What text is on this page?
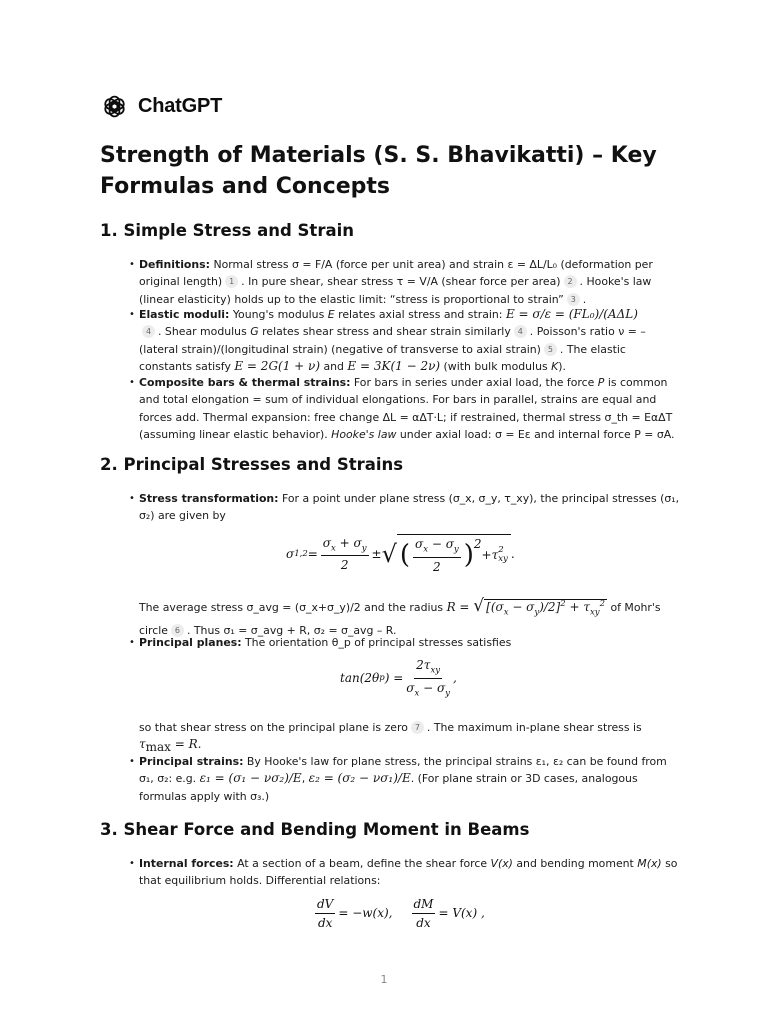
ChatGPT
Strength of Materials (S. S. Bhavikatti) – Key Formulas and Concepts
1. Simple Stress and Strain
• Definitions: Normal stress σ = F/A (force per unit area) and strain ε = ΔL/L₀ (deformation per
original length) 1 . In pure shear, shear stress τ = V/A (shear force per area) 2 . Hooke's law
(linear elasticity) holds up to the elastic limit: “stress is proportional to strain” 3 .
• Elastic moduli: Young's modulus E relates axial stress and strain: E = σ/ε = (FL₀)/(AΔL)
4 . Shear modulus G relates shear stress and shear strain similarly 4 . Poisson's ratio ν = –
(lateral strain)/(longitudinal strain) (negative of transverse to axial strain) 5 . The elastic
constants satisfy E = 2G(1 + ν) and E = 3K(1 − 2ν) (with bulk modulus K).
• Composite bars & thermal strains: For bars in series under axial load, the force P is common
and total elongation = sum of individual elongations. For bars in parallel, strains are equal and
forces add. Thermal expansion: free change ΔL = αΔT·L; if restrained, thermal stress σ_th = EαΔT
(assuming linear elastic behavior). Hooke's law under axial load: σ = Eε and internal force P = σA.
2. Principal Stresses and Strains
• Stress transformation: For a point under plane stress (σ_x, σ_y, τ_xy), the principal stresses (σ₁,
σ₂) are given by
σ $1,2 = \frac{\sigma_x + \sigma_y}{2}$ ± √ ( $\frac{\sigma_x - \sigma_y}{2}$ ) 2
+ τ 2
xy .
The average stress σ_avg = (σ_x+σ_y)/2 and the radius R = √ $[(\sigma_x - \sigma_y)/2]^2 + \tau_{xy}^2$ of Mohr's
circle 6 . Thus σ₁ = σ_avg + R, σ₂ = σ_avg – R.
• Principal planes: The orientation θ_p of principal stresses satisfies
tan(2θ p ) = $\frac{2\tau_{xy}}{\sigma_x - \sigma_y}$ ,
so that shear stress on the principal plane is zero 7 . The maximum in-plane shear stress is
$\tau_{max} = R$.
• Principal strains: By Hooke's law for plane stress, the principal strains ε₁, ε₂ can be found from
σ₁, σ₂: e.g. ε₁ = (σ₁ − νσ₂)/E, ε₂ = (σ₂ − νσ₁)/E. (For plane strain or 3D cases, analogous
formulas apply with σ₃.)
3. Shear Force and Bending Moment in Beams
• Internal forces: At a section of a beam, define the shear force V(x) and bending moment M(x) so
that equilibrium holds. Differential relations:
$\frac{dV}{dx} = -w(x)$, $\frac{dM}{dx} = V(x)$ ,
1
